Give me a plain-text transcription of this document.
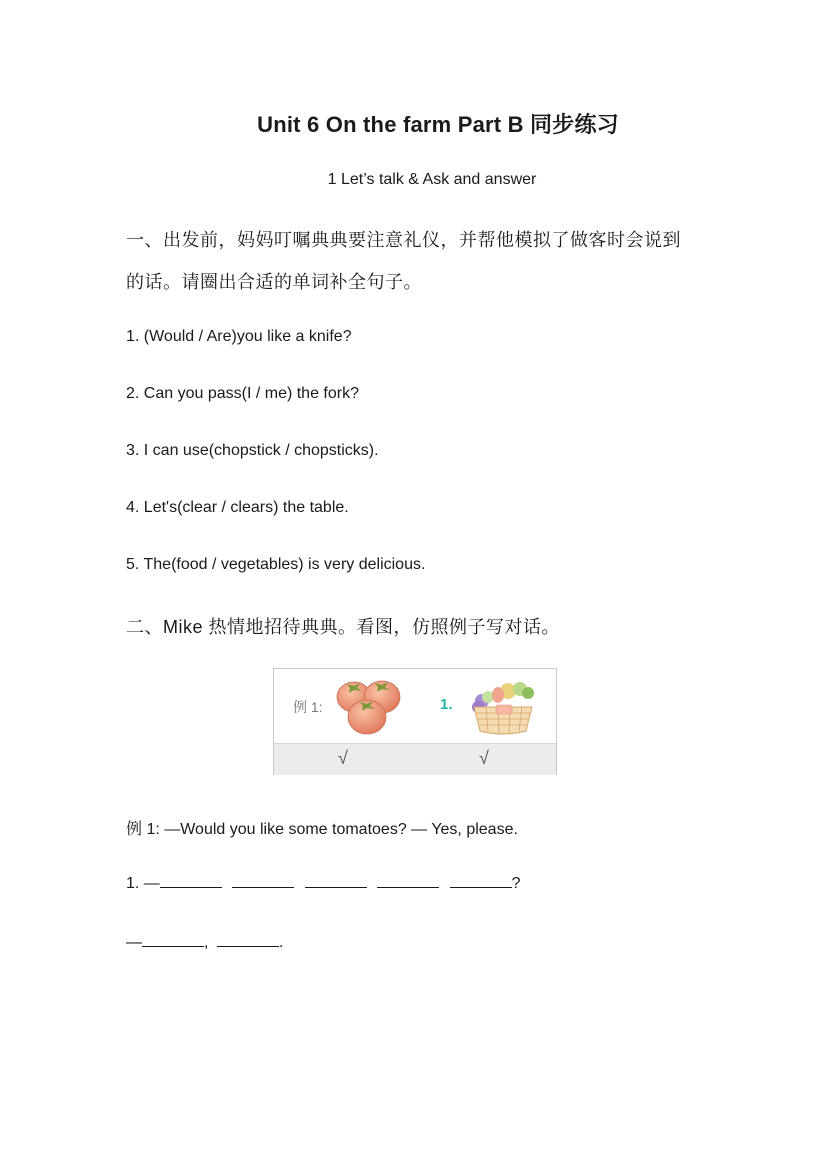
Unit 6 On the farm Part B 同步练习
1 Let’s talk & Ask and answer
一、出发前，妈妈叮嘱典典要注意礼仪，并帮他模拟了做客时会说到
的话。请圈出合适的单词补全句子。
1. (Would / Are)you like a knife?
2. Can you pass(I / me) the fork?
3. I can use(chopstick / chopsticks).
4. Let's(clear / clears) the table.
5. The(food / vegetables) is very delicious.
二、Mike 热情地招待典典。看图，仿照例子写对话。
例 1:	1.
√	√
例 1: —Would you like some tomatoes? — Yes, please.
1. —	?
—	,	.
